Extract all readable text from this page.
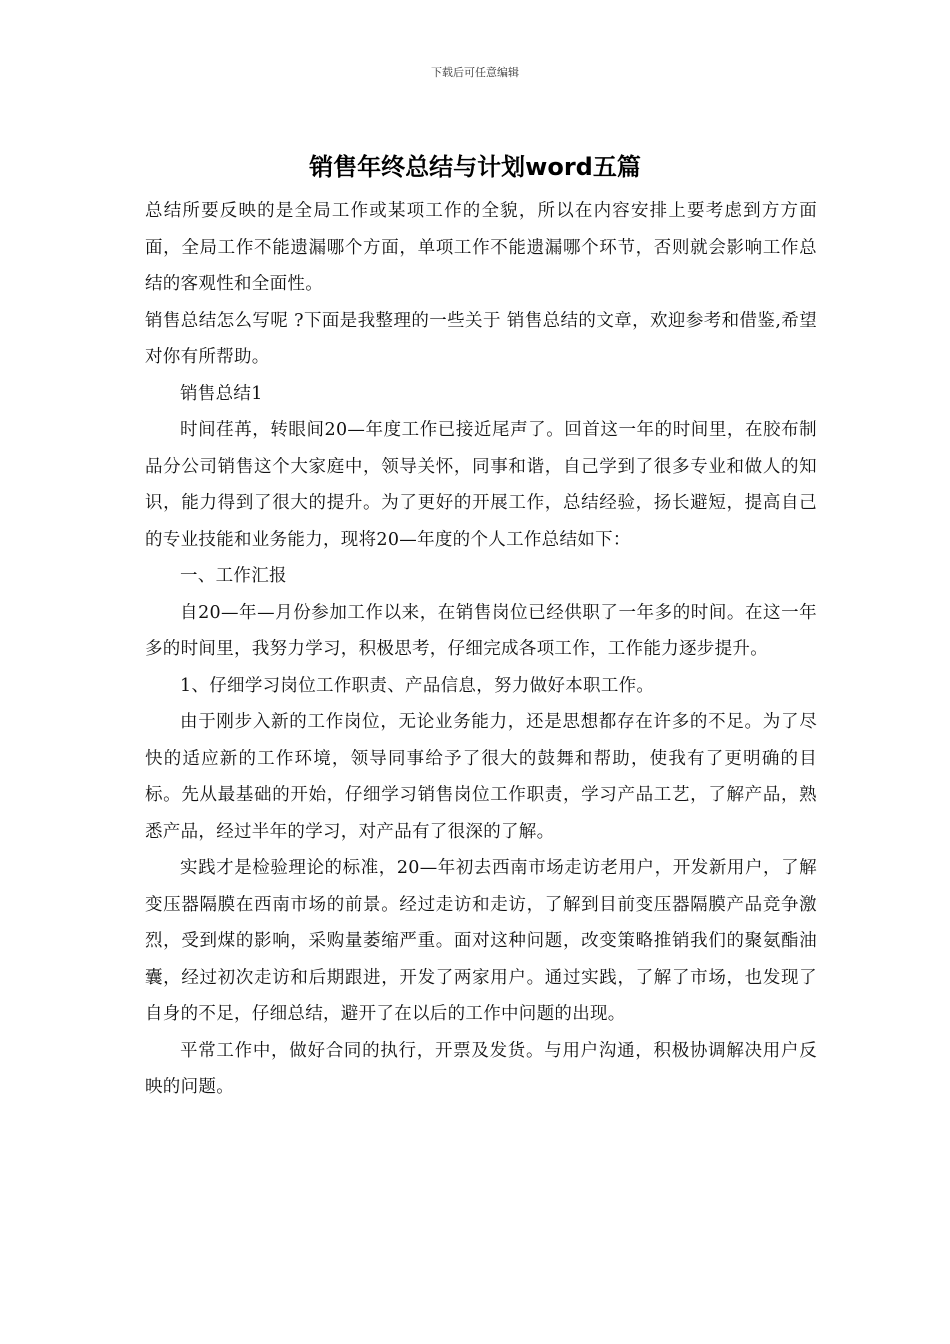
下载后可任意编辑
销售年终总结与计划word五篇

总结所要反映的是全局工作或某项工作的全貌，所以在内容安排上要考虑到方方面面，全局工作不能遗漏哪个方面，单项工作不能遗漏哪个环节，否则就会影响工作总结的客观性和全面性。

销售总结怎么写呢 ?下面是我整理的一些关于 销售总结的文章，欢迎参考和借鉴,希望对你有所帮助。

销售总结1

时间荏苒，转眼间20—年度工作已接近尾声了。回首这一年的时间里，在胶布制品分公司销售这个大家庭中，领导关怀，同事和谐，自己学到了很多专业和做人的知识，能力得到了很大的提升。为了更好的开展工作，总结经验，扬长避短，提高自己的专业技能和业务能力，现将20—年度的个人工作总结如下：

一、工作汇报

自20—年—月份参加工作以来，在销售岗位已经供职了一年多的时间。在这一年多的时间里，我努力学习，积极思考，仔细完成各项工作，工作能力逐步提升。

1、仔细学习岗位工作职责、产品信息，努力做好本职工作。

由于刚步入新的工作岗位，无论业务能力，还是思想都存在许多的不足。为了尽快的适应新的工作环境，领导同事给予了很大的鼓舞和帮助，使我有了更明确的目标。先从最基础的开始，仔细学习销售岗位工作职责，学习产品工艺，了解产品，熟悉产品，经过半年的学习，对产品有了很深的了解。

实践才是检验理论的标准，20—年初去西南市场走访老用户，开发新用户，了解变压器隔膜在西南市场的前景。经过走访和走访，了解到目前变压器隔膜产品竞争激烈，受到煤的影响，采购量萎缩严重。面对这种问题，改变策略推销我们的聚氨酯油囊，经过初次走访和后期跟进，开发了两家用户。通过实践，了解了市场，也发现了自身的不足，仔细总结，避开了在以后的工作中问题的出现。

平常工作中，做好合同的执行，开票及发货。与用户沟通，积极协调解决用户反映的问题。
